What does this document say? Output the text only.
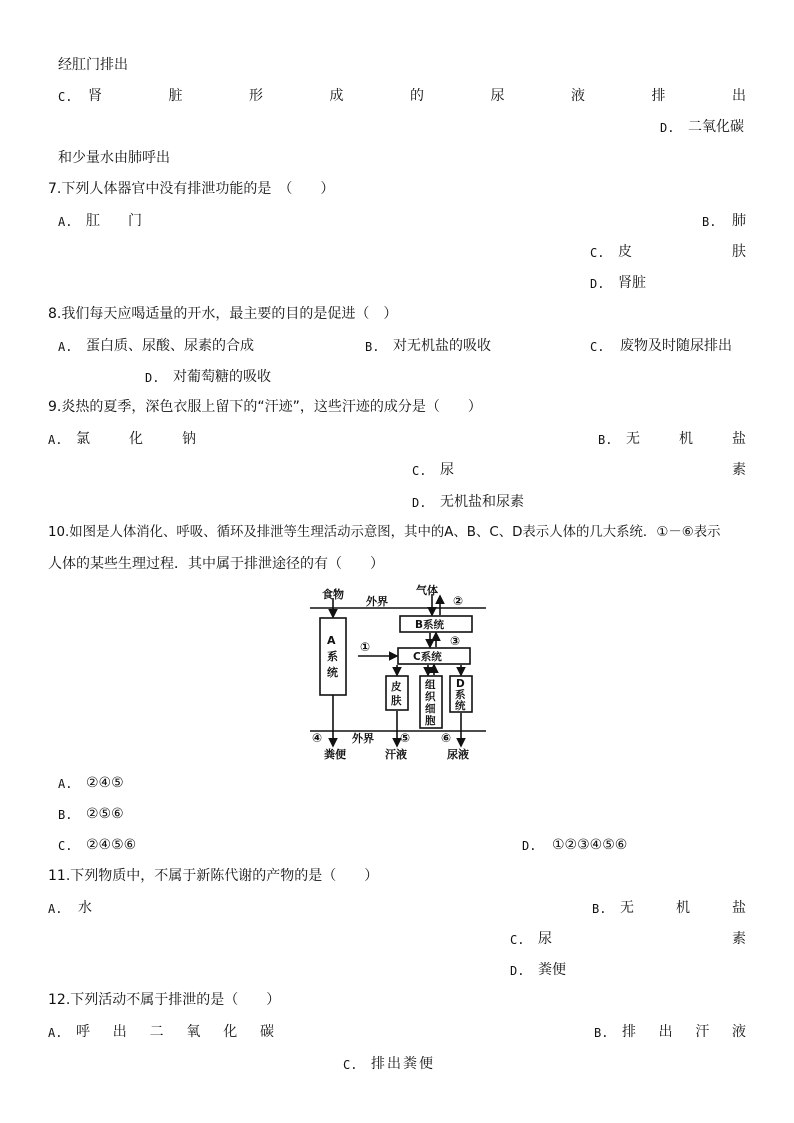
经肛门排出
C. 肾	脏	形	成	的	尿	液	排	出
D. 二氧化碳
和少量水由肺呼出
7.下列人体器官中没有排泄功能的是　（　　）
A. 肛 门	B. 肺
C. 皮	肤
D. 肾脏
8.我们每天应喝适量的开水，最主要的目的是促进（　）
A. 蛋白质、尿酸、尿素的合成	B. 对无机盐的吸收	C. 废物及时随尿排出
D. 对葡萄糖的吸收
9.炎热的夏季，深色衣服上留下的“汗迹”，这些汗迹的成分是（　　）
A. 氯	化	钠	B. 无	机	盐
C. 尿	素
D. 无机盐和尿素
10.如图是人体消化、呼吸、循环及排泄等生理活动示意图，其中的A、B、C、D表示人体的几大系统．①－⑥表示
人体的某些生理过程．其中属于排泄途径的有（　　）
食物	气体
外界	②
B系统
③
①
C系统
A
系
统
皮
肤
组
织
细
胞
D
系
统
④	外界 ⑤	⑥
粪便	汗液	尿液
A. ②④⑤
B. ②⑤⑥
C. ②④⑤⑥	D. ①②③④⑤⑥
11.下列物质中，不属于新陈代谢的产物的是（　　）
A. 水	B. 无	机	盐
C. 尿	素
D. 粪便
12.下列活动不属于排泄的是（　　）
A. 呼 出 二 氧 化 碳	B. 排 出 汗 液
C. 排出粪便
